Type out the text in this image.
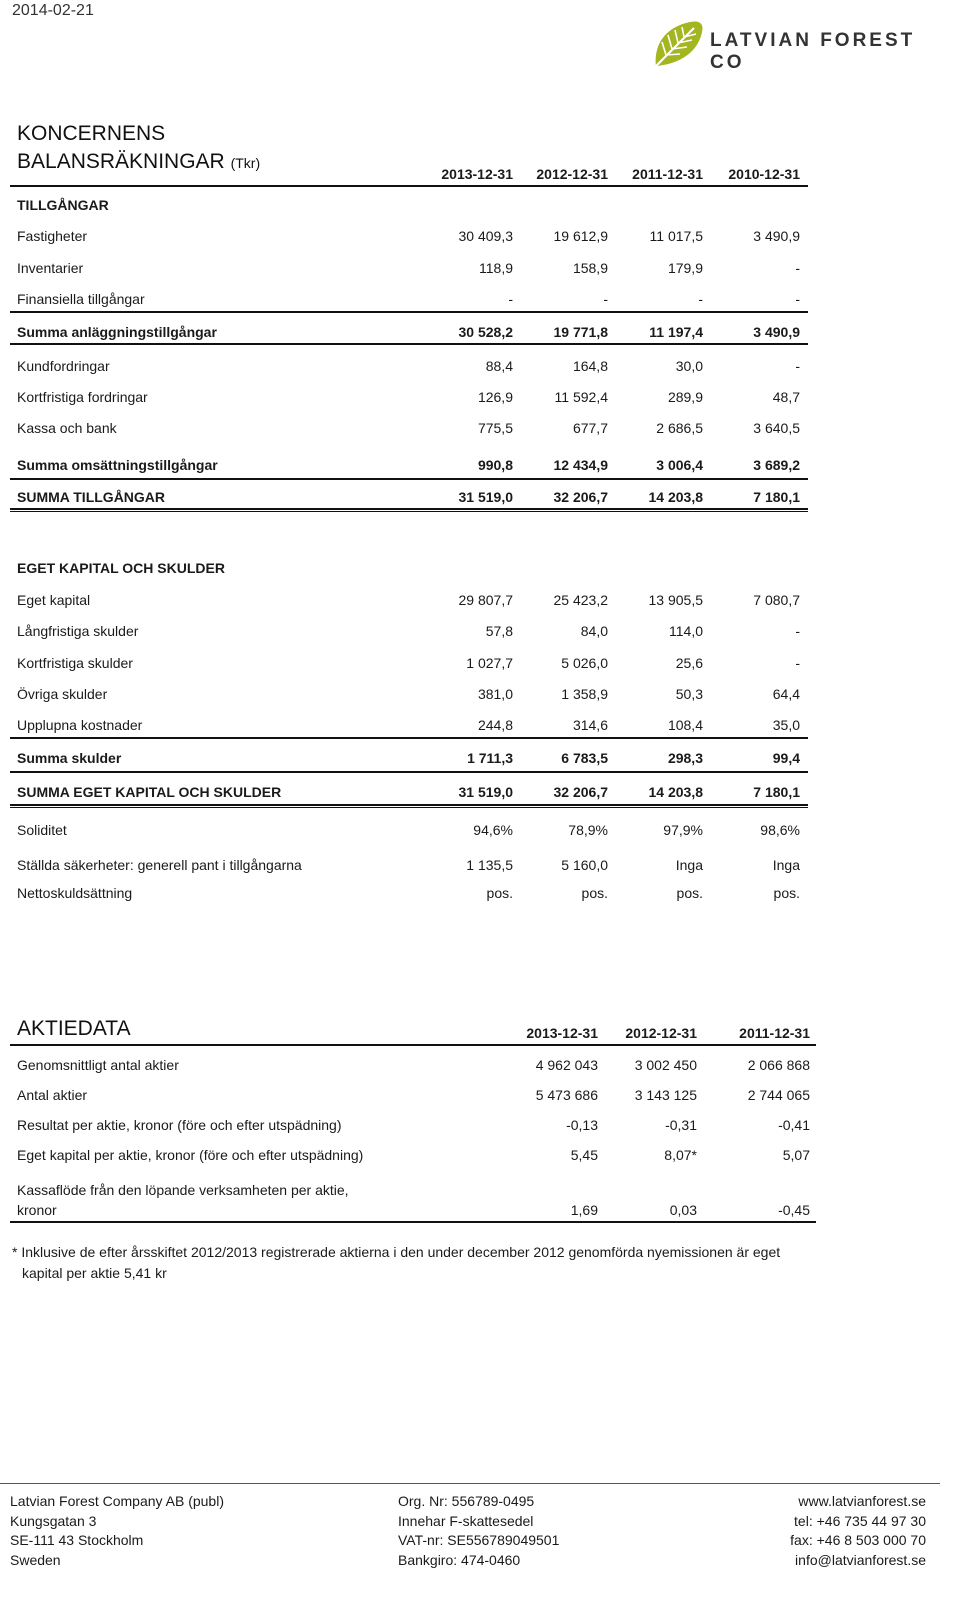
2014-02-21
LATVIAN FOREST CO
KONCERNENS
BALANSRÄKNINGAR (Tkr)
2013-12-31	2012-12-31	2011-12-31	2010-12-31
TILLGÅNGAR
Fastigheter	30 409,3	19 612,9	11 017,5	3 490,9
Inventarier	118,9	158,9	179,9	-
Finansiella tillgångar	-	-	-	-
Summa anläggningstillgångar	30 528,2	19 771,8	11 197,4	3 490,9
Kundfordringar	88,4	164,8	30,0	-
Kortfristiga fordringar	126,9	11 592,4	289,9	48,7
Kassa och bank	775,5	677,7	2 686,5	3 640,5
Summa omsättningstillgångar	990,8	12 434,9	3 006,4	3 689,2
SUMMA TILLGÅNGAR	31 519,0	32 206,7	14 203,8	7 180,1
EGET KAPITAL OCH SKULDER
Eget kapital	29 807,7	25 423,2	13 905,5	7 080,7
Långfristiga skulder	57,8	84,0	114,0	-
Kortfristiga skulder	1 027,7	5 026,0	25,6	-
Övriga skulder	381,0	1 358,9	50,3	64,4
Upplupna kostnader	244,8	314,6	108,4	35,0
Summa skulder	1 711,3	6 783,5	298,3	99,4
SUMMA EGET KAPITAL OCH SKULDER	31 519,0	32 206,7	14 203,8	7 180,1
Soliditet	94,6%	78,9%	97,9%	98,6%
Ställda säkerheter: generell pant i tillgångarna	1 135,5	5 160,0	Inga	Inga
Nettoskuldsättning	pos.	pos.	pos.	pos.
AKTIEDATA	2013-12-31	2012-12-31	2011-12-31
Genomsnittligt antal aktier	4 962 043	3 002 450	2 066 868
Antal aktier	5 473 686	3 143 125	2 744 065
Resultat per aktie, kronor (före och efter utspädning)	-0,13	-0,31	-0,41
Eget kapital per aktie, kronor (före och efter utspädning)	5,45	8,07*	5,07
Kassaflöde från den löpande verksamheten per aktie,
kronor	1,69	0,03	-0,45
* Inklusive de efter årsskiftet 2012/2013 registrerade aktierna i den under december 2012 genomförda nyemissionen är eget
kapital per aktie 5,41 kr
Latvian Forest Company AB (publ)
Kungsgatan 3
SE-111 43 Stockholm
Sweden
Org. Nr: 556789-0495
Innehar F-skattesedel
VAT-nr: SE556789049501
Bankgiro: 474-0460
www.latvianforest.se
tel: +46 735 44 97 30
fax: +46 8 503 000 70
info@latvianforest.se
